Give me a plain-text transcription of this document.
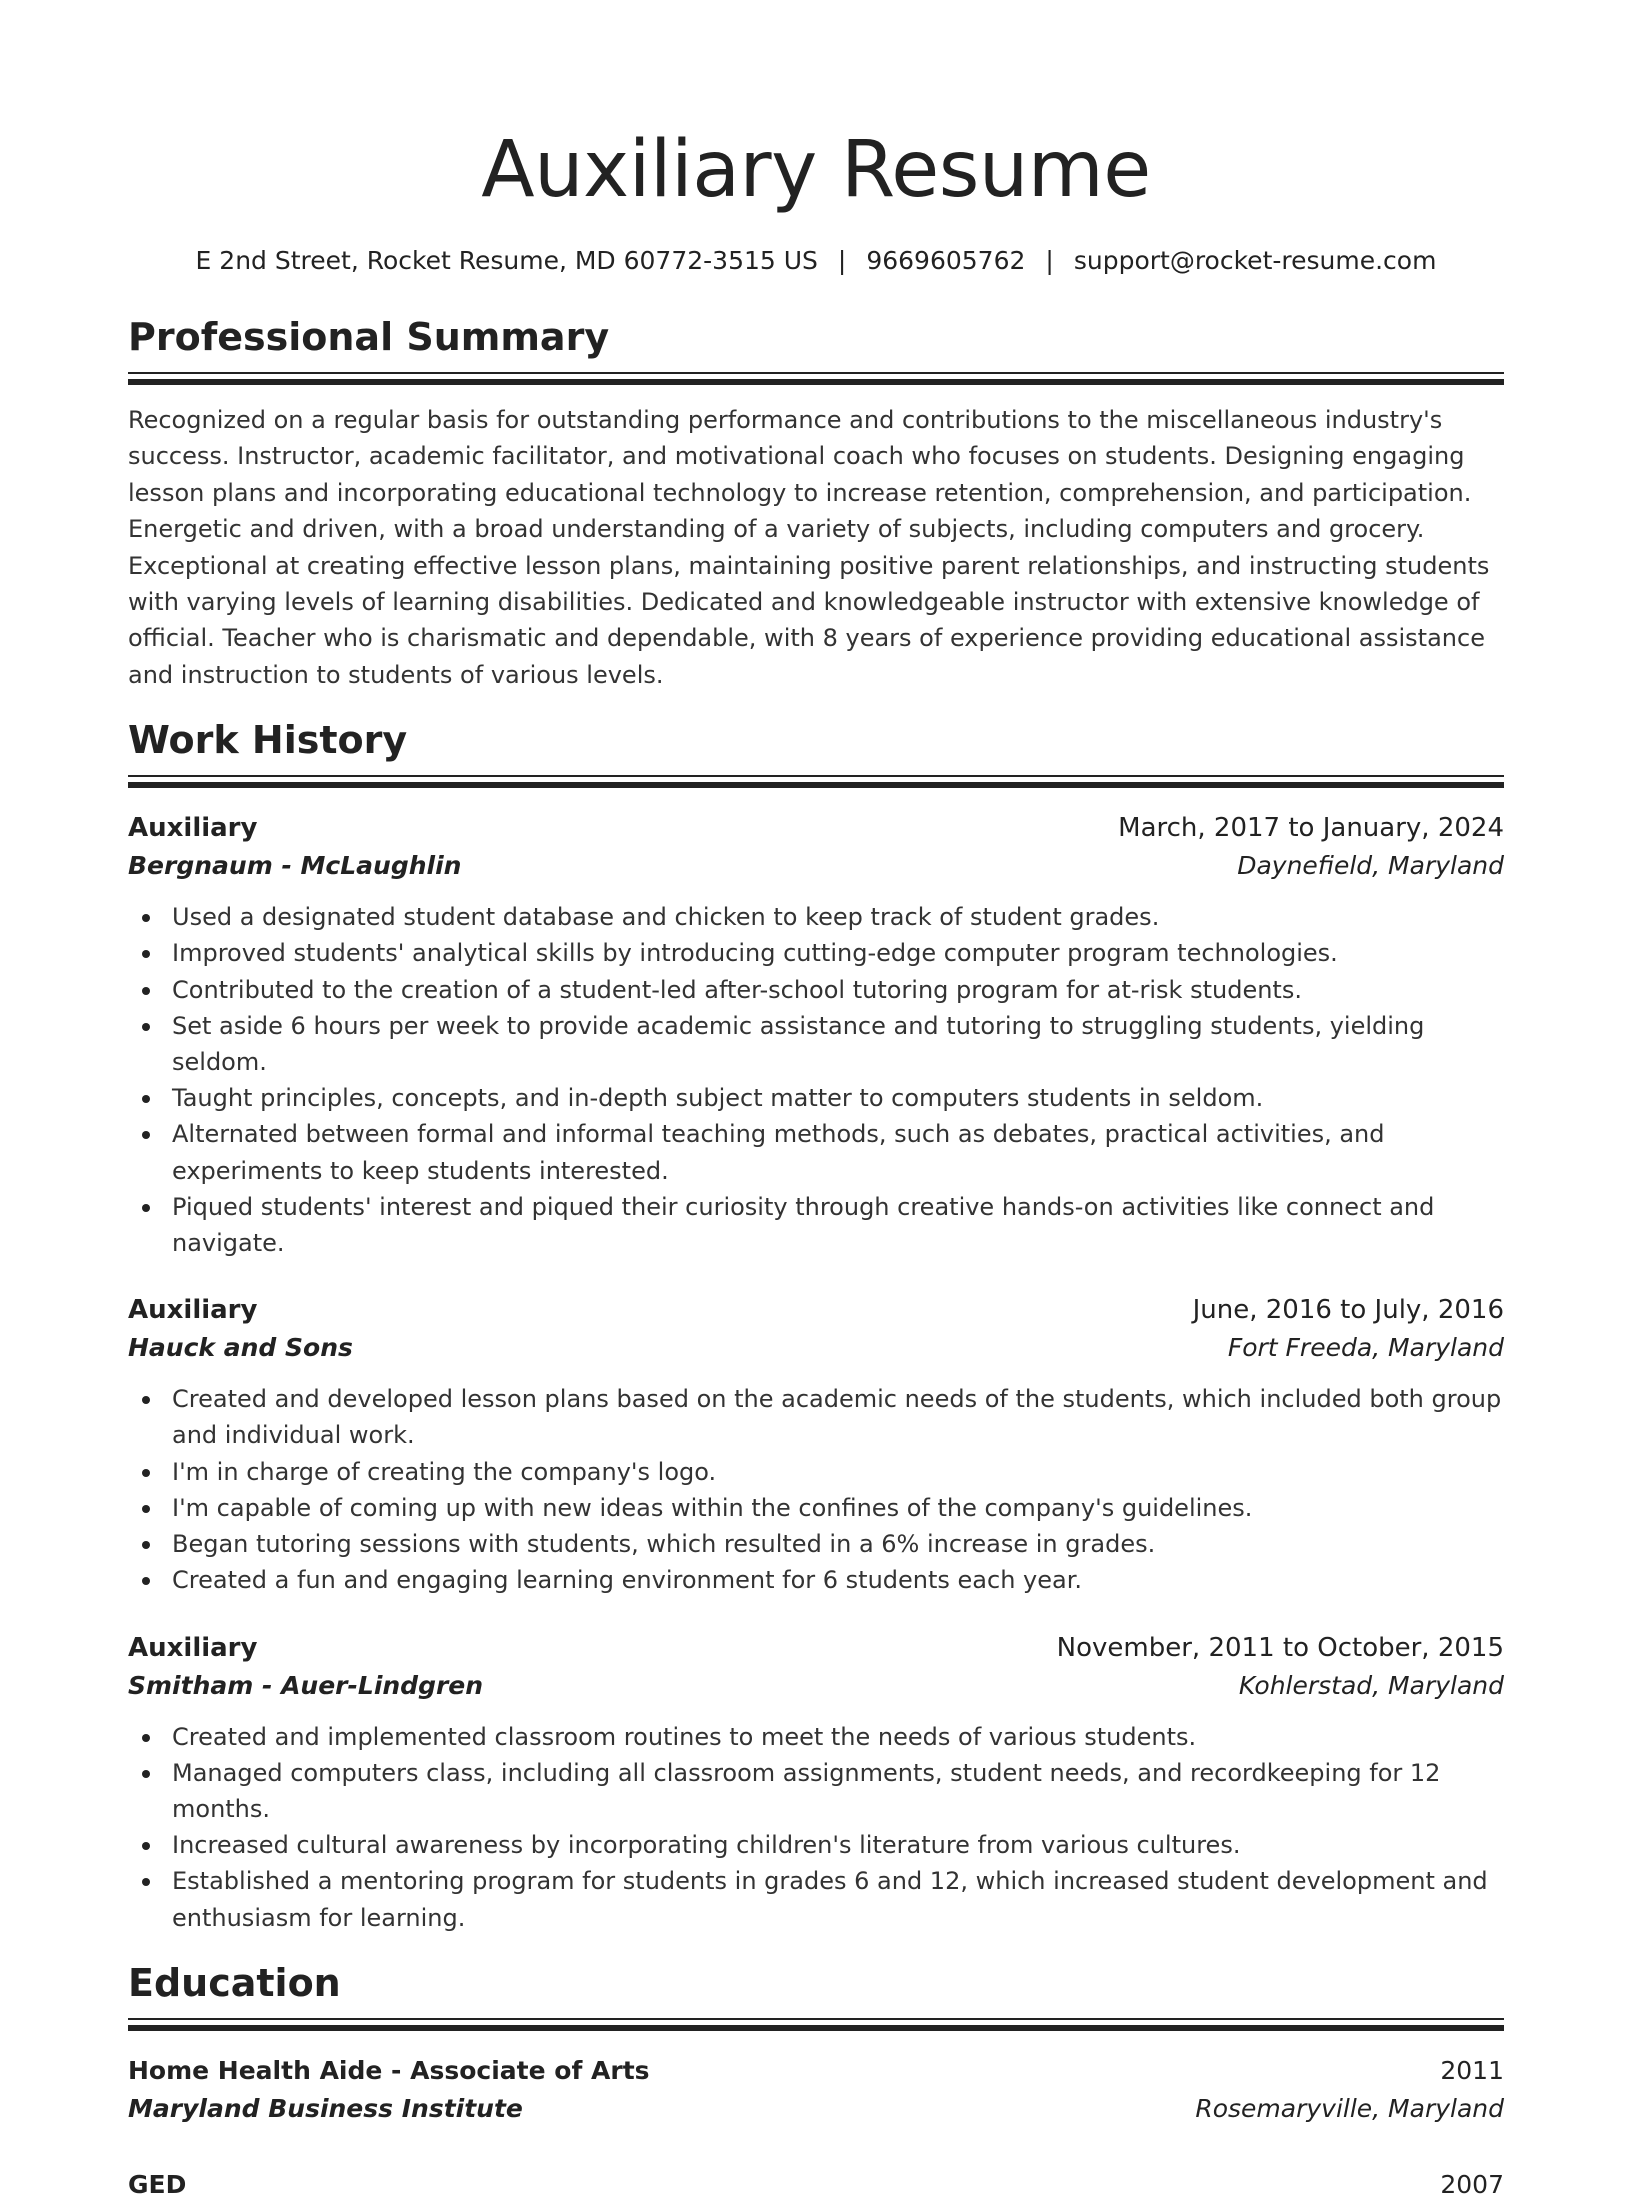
Auxiliary Resume
E 2nd Street, Rocket Resume, MD 60772-3515 US | 9669605762 | support@rocket-resume.com
Professional Summary

Recognized on a regular basis for outstanding performance and contributions to the miscellaneous industry's success. Instructor, academic facilitator, and motivational coach who focuses on students. Designing engaging lesson plans and incorporating educational technology to increase retention, comprehension, and participation. Energetic and driven, with a broad understanding of a variety of subjects, including computers and grocery. Exceptional at creating effective lesson plans, maintaining positive parent relationships, and instructing students with varying levels of learning disabilities. Dedicated and knowledgeable instructor with extensive knowledge of official. Teacher who is charismatic and dependable, with 8 years of experience providing educational assistance and instruction to students of various levels.

Work History
Auxiliary	March, 2017 to January, 2024
Bergnaum - McLaughlin	Daynefield, Maryland
Used a designated student database and chicken to keep track of student grades.
Improved students' analytical skills by introducing cutting-edge computer program technologies.
Contributed to the creation of a student-led after-school tutoring program for at-risk students.
Set aside 6 hours per week to provide academic assistance and tutoring to struggling students, yielding seldom.
Taught principles, concepts, and in-depth subject matter to computers students in seldom.
Alternated between formal and informal teaching methods, such as debates, practical activities, and experiments to keep students interested.
Piqued students' interest and piqued their curiosity through creative hands-on activities like connect and navigate.
Auxiliary	June, 2016 to July, 2016
Hauck and Sons	Fort Freeda, Maryland
Created and developed lesson plans based on the academic needs of the students, which included both group and individual work.
I'm in charge of creating the company's logo.
I'm capable of coming up with new ideas within the confines of the company's guidelines.
Began tutoring sessions with students, which resulted in a 6% increase in grades.
Created a fun and engaging learning environment for 6 students each year.
Auxiliary	November, 2011 to October, 2015
Smitham - Auer-Lindgren	Kohlerstad, Maryland
Created and implemented classroom routines to meet the needs of various students.
Managed computers class, including all classroom assignments, student needs, and recordkeeping for 12 months.
Increased cultural awareness by incorporating children's literature from various cultures.
Established a mentoring program for students in grades 6 and 12, which increased student development and enthusiasm for learning.
Education
Home Health Aide - Associate of Arts	2011
Maryland Business Institute	Rosemaryville, Maryland
GED	2007
